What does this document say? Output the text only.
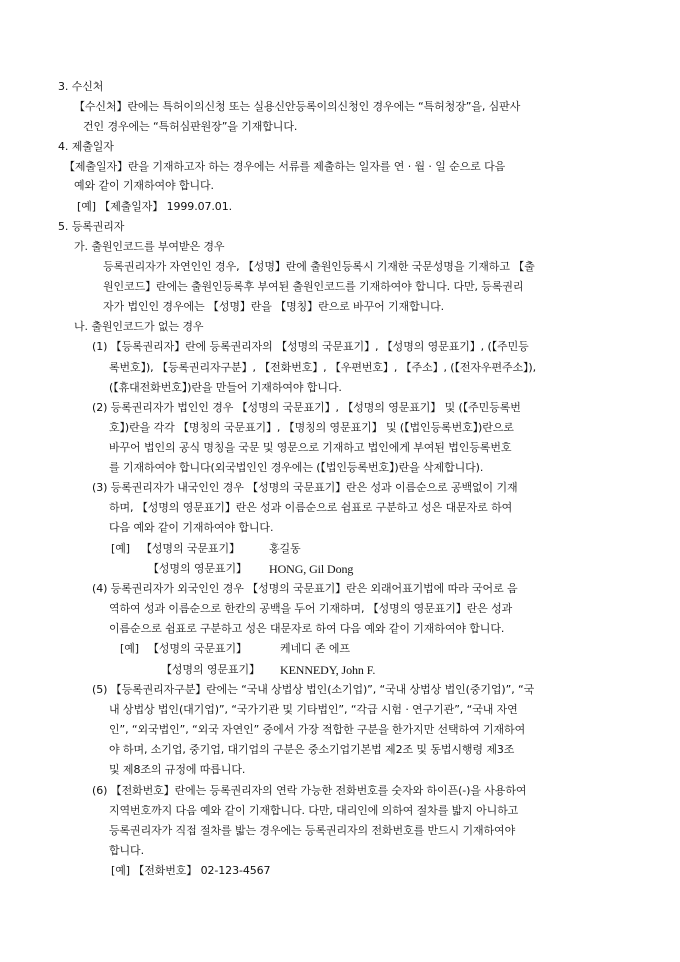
3. 수신처
【수신처】란에는 특허이의신청 또는 실용신안등록이의신청인 경우에는 “특허청장”을, 심판사
건인 경우에는 “특허심판원장”을 기재합니다.
4. 제출일자
【제출일자】란을 기재하고자 하는 경우에는 서류를 제출하는 일자를 연 · 월 · 일 순으로 다음
예와 같이 기재하여야 합니다.
[예] 【제출일자】 1999.07.01.
5. 등록권리자
가. 출원인코드를 부여받은 경우
등록권리자가 자연인인 경우, 【성명】란에 출원인등록시 기재한 국문성명을 기재하고 【출
원인코드】란에는 출원인등록후 부여된 출원인코드를 기재하여야 합니다. 다만, 등록권리
자가 법인인 경우에는 【성명】란을 【명칭】란으로 바꾸어 기재합니다.
나. 출원인코드가 없는 경우
(1) 【등록권리자】란에 등록권리자의 【성명의 국문표기】, 【성명의 영문표기】, (【주민등
록번호】), 【등록권리자구분】, 【전화번호】, 【우편번호】, 【주소】, (【전자우편주소】),
(【휴대전화번호】)란을 만들어 기재하여야 합니다.
(2) 등록권리자가 법인인 경우 【성명의 국문표기】, 【성명의 영문표기】 및 (【주민등록번
호】)란을 각각 【명칭의 국문표기】, 【명칭의 영문표기】 및 (【법인등록번호】)란으로
바꾸어 법인의 공식 명칭을 국문 및 영문으로 기재하고 법인에게 부여된 법인등록번호
를 기재하여야 합니다(외국법인인 경우에는 (【법인등록번호】)란을 삭제합니다).
(3) 등록권리자가 내국인인 경우 【성명의 국문표기】란은 성과 이름순으로 공백없이 기재
하며, 【성명의 영문표기】란은 성과 이름순으로 쉼표로 구분하고 성은 대문자로 하여
다음 예와 같이 기재하여야 합니다.
[예] 【성명의 국문표기】	홍길동
【성명의 영문표기】 HONG, Gil Dong
(4) 등록권리자가 외국인인 경우 【성명의 국문표기】란은 외래어표기법에 따라 국어로 음
역하여 성과 이름순으로 한칸의 공백을 두어 기재하며, 【성명의 영문표기】란은 성과
이름순으로 쉼표로 구분하고 성은 대문자로 하여 다음 예와 같이 기재하여야 합니다.
[예] 【성명의 국문표기】	케네디 존 에프
【성명의 영문표기】 KENNEDY, John F.
(5) 【등록권리자구분】란에는 “국내 상법상 법인(소기업)”, “국내 상법상 법인(중기업)”, “국
내 상법상 법인(대기업)”, “국가기관 및 기타법인”, “각급 시험 · 연구기관”, “국내 자연
인”, “외국법인”, “외국 자연인” 중에서 가장 적합한 구분을 한가지만 선택하여 기재하여
야 하며, 소기업, 중기업, 대기업의 구분은 중소기업기본법 제2조 및 동법시행령 제3조
및 제8조의 규정에 따릅니다.
(6) 【전화번호】란에는 등록권리자의 연락 가능한 전화번호를 숫자와 하이픈(-)을 사용하여
지역번호까지 다음 예와 같이 기재합니다. 다만, 대리인에 의하여 절차를 밟지 아니하고
등록권리자가 직접 절차를 밟는 경우에는 등록권리자의 전화번호를 반드시 기재하여야
합니다.
[예] 【전화번호】 02-123-4567
